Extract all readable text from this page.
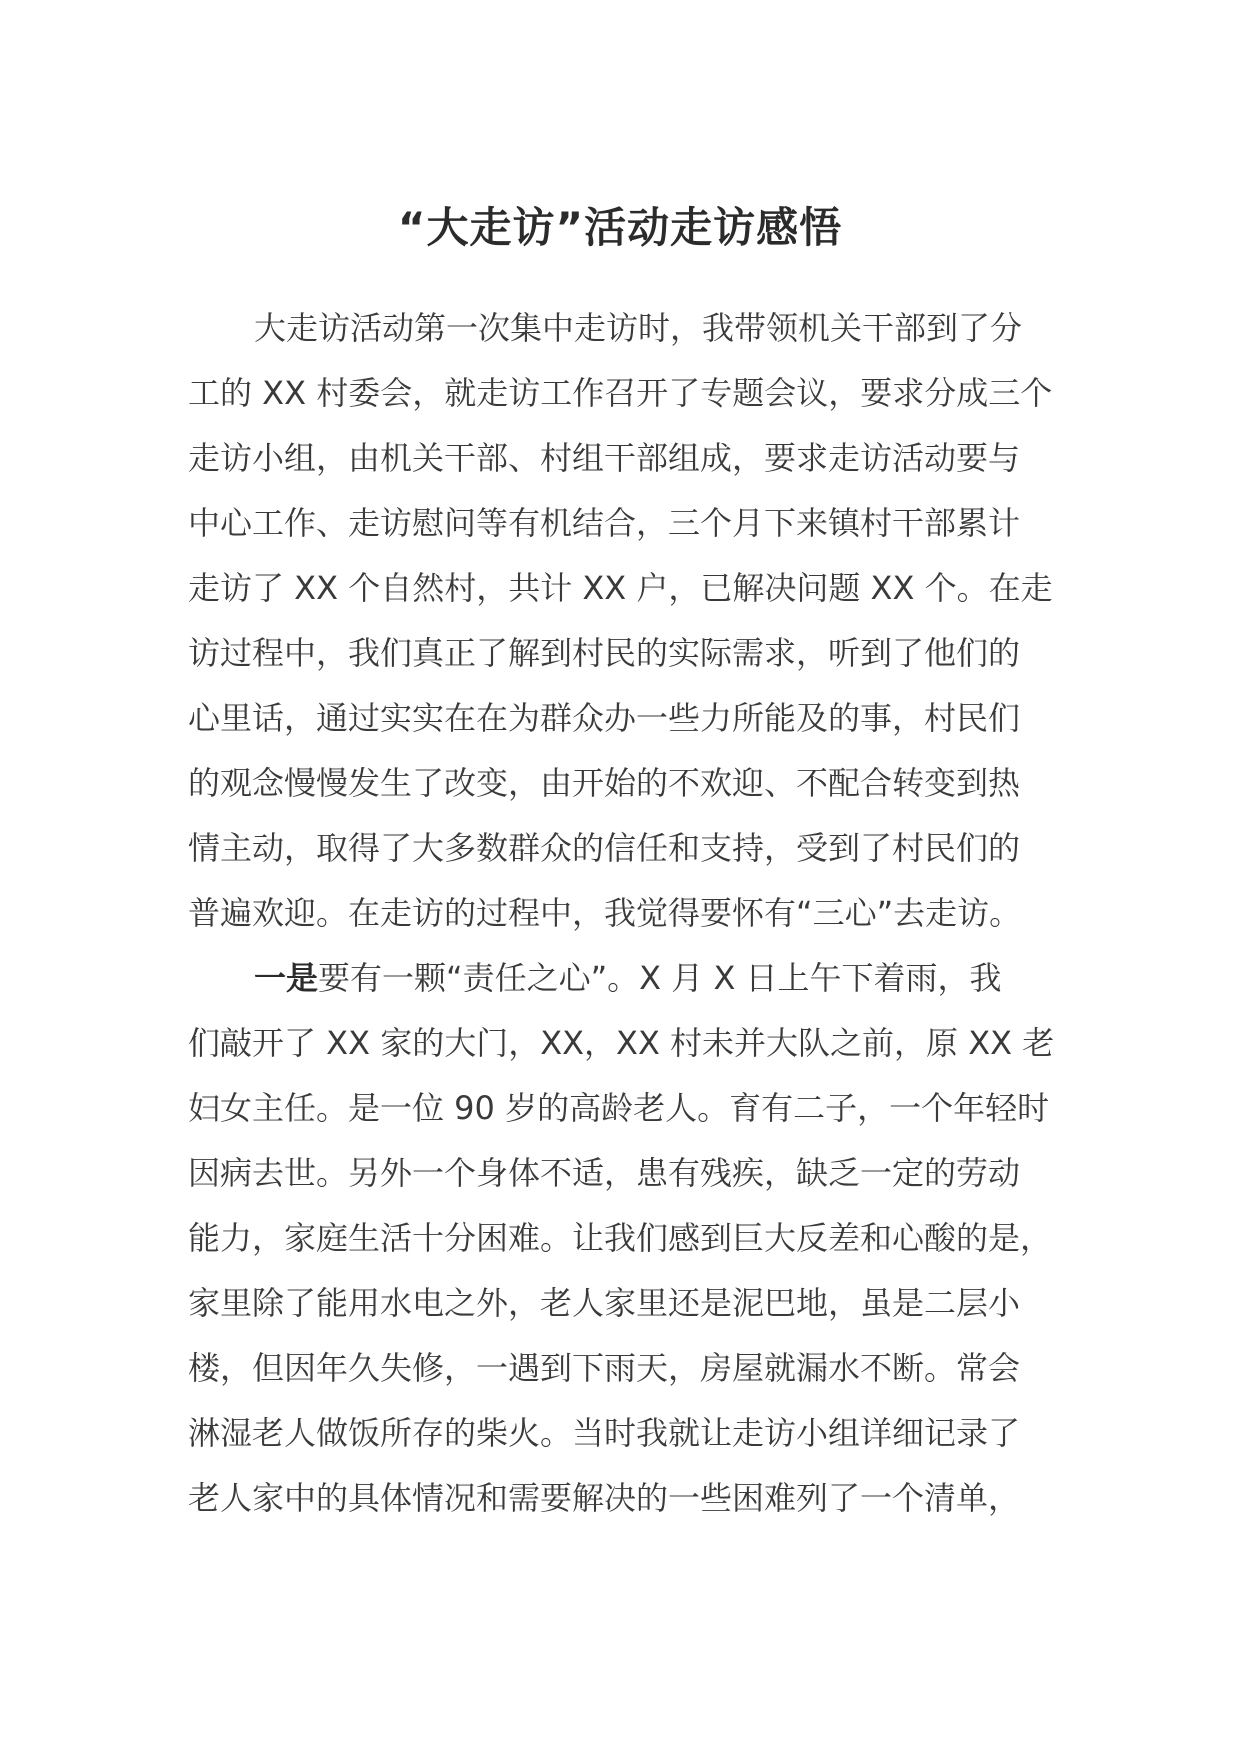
“大走访”活动走访感悟
大走访活动第一次集中走访时，我带领机关干部到了分
工的 XX 村委会，就走访工作召开了专题会议，要求分成三个
走访小组，由机关干部、村组干部组成，要求走访活动要与
中心工作、走访慰问等有机结合，三个月下来镇村干部累计
走访了 XX 个自然村，共计 XX 户，已解决问题 XX 个。在走
访过程中，我们真正了解到村民的实际需求，听到了他们的
心里话，通过实实在在为群众办一些力所能及的事，村民们
的观念慢慢发生了改变，由开始的不欢迎、不配合转变到热
情主动，取得了大多数群众的信任和支持，受到了村民们的
普遍欢迎。在走访的过程中，我觉得要怀有“三心”去走访。
一是要有一颗“责任之心”。X 月 X 日上午下着雨，我
们敲开了 XX 家的大门，XX，XX 村未并大队之前，原 XX 老
妇女主任。是一位 90 岁的高龄老人。育有二子，一个年轻时
因病去世。另外一个身体不适，患有残疾，缺乏一定的劳动
能力，家庭生活十分困难。让我们感到巨大反差和心酸的是，
家里除了能用水电之外，老人家里还是泥巴地，虽是二层小
楼，但因年久失修，一遇到下雨天，房屋就漏水不断。常会
淋湿老人做饭所存的柴火。当时我就让走访小组详细记录了
老人家中的具体情况和需要解决的一些困难列了一个清单，
